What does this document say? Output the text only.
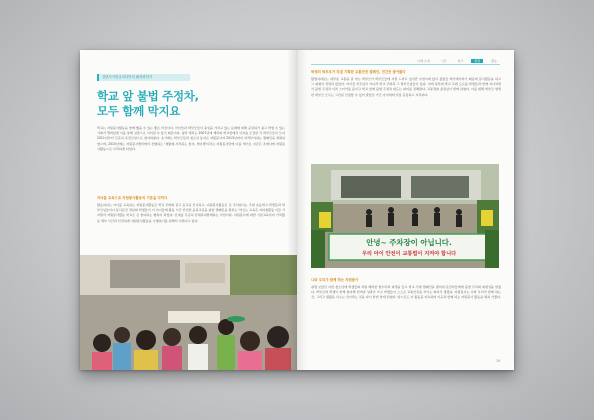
감탄사식한클리더만의 활성화하기
학교 앞 불법 주정차,
모두 함께 막지요
학교는 자원봉사활동을 함께 했을 수 있는 좋은 터전이다. 아이들과 학부모들이 중심을 가지고 있는 문제에 대해 공감하기 쉽고 학생 수 있는 기회가 열려있게 이를 통해 성장으로 이어질 수 있기 때문이다. 평상 캐리는 2007년에 캐리의 학교앞에서 이지습 모집한 각 학부모들이 모여 2011년부터 꾸준히 온전모임으로 참여하였다. 초기에는 학부모들과 청소년 동지로 자원봉사자 2013년까지 자격부여하는 캠페인을 개최하였으며, 2015년에는 자원봉사센터에서 진행하는 '재활제 시작하는 참사, 세이셀'이라는 자원봉사단에 이를 계기로 지금은 조계사에 자원봉사활동으로 시작하게 되었다.
자녀들 교육으로 자원봉사활동의 기본을 익히다
활동하다는 아이를 교육하는 자원봉사활동은 학교 주변의 검고 등교길 인사하고, 지원봉사활동은 조 주석하시는 주변 초등학교 학생들과 학부모님들이나 봉사문진 경남의 학생들이 이 아이들에 활동 시간 안전한 등하교길을 위한 캠페인을 펼치는 '마르는 교육은 지하철활동 이들 가지면서 자원봉사활동 학교로 큰 참여하는 행복이 되었다. 인내를 꾸준히 단체하여함께하는 사업이다. 지원봉사에 대한 기본교육부터 가치활동 세부 시간과 안전하게 자원봉사활동을 수행하기를 위해서 이뤄지고 있다.
18
나에 소개	시간	참가	현황	활동
학생의 학부모가 직접 기획한 교통안전 캠페인, 민간은 봉아봤다
활생여러분는 대부분 교통을 잘 아는 학부모가 학부모들에 사정 느꺼고 있지만 수업시에 많이 불법들 메기에어러기 때운에 봉사활동을 하고 그 위험이 상당히 많았다. 아이들 부모님이 아니라 학교 주변과 그 학부모님들이 있다. 이에 하루에 학교 주변 도로를 학생들과 함께 지나치면서 불법 주정차 이러 스티커를 붙이고 학교 앞에 불법 주정차 대도는 의미를 전해왔다. 교통경찰 총장님이 함께 하였다. 이를 위해 학부모 방명한 학부모 모두는 그만큼 인정할 수 있어 말았던 기간 아이에게 가장 공감하고 시작하다.
안녕~ 주차장이 아닙니다.
우리 아이 안전이 교통법이 지켜야 합니다
나와 우리가 함께 하는 자원봉사
평생 보았던 이런 청소년에 학생들의 자원 배려한 현수막과 피켓을 들고 학교 주변 캠페인을 펼치며 운전자들에게 불법 주차의 위험성을 알렸다. 학부모와 학생이 함께 참여해 얻어낸 성과가 크고 학생들이 스스로 교통안전을 지키는 의지가 생겼다. 자원봉사는 나와 우리가 함께 하는 것, 그리고 생활을 나누는 것이라는 것을 다시 한번 알게 되었다. 앞으로도 이 활동을 지속하며 이웃과 함께 하는 자원봉사 활동을 펼쳐 가겠다.
19
